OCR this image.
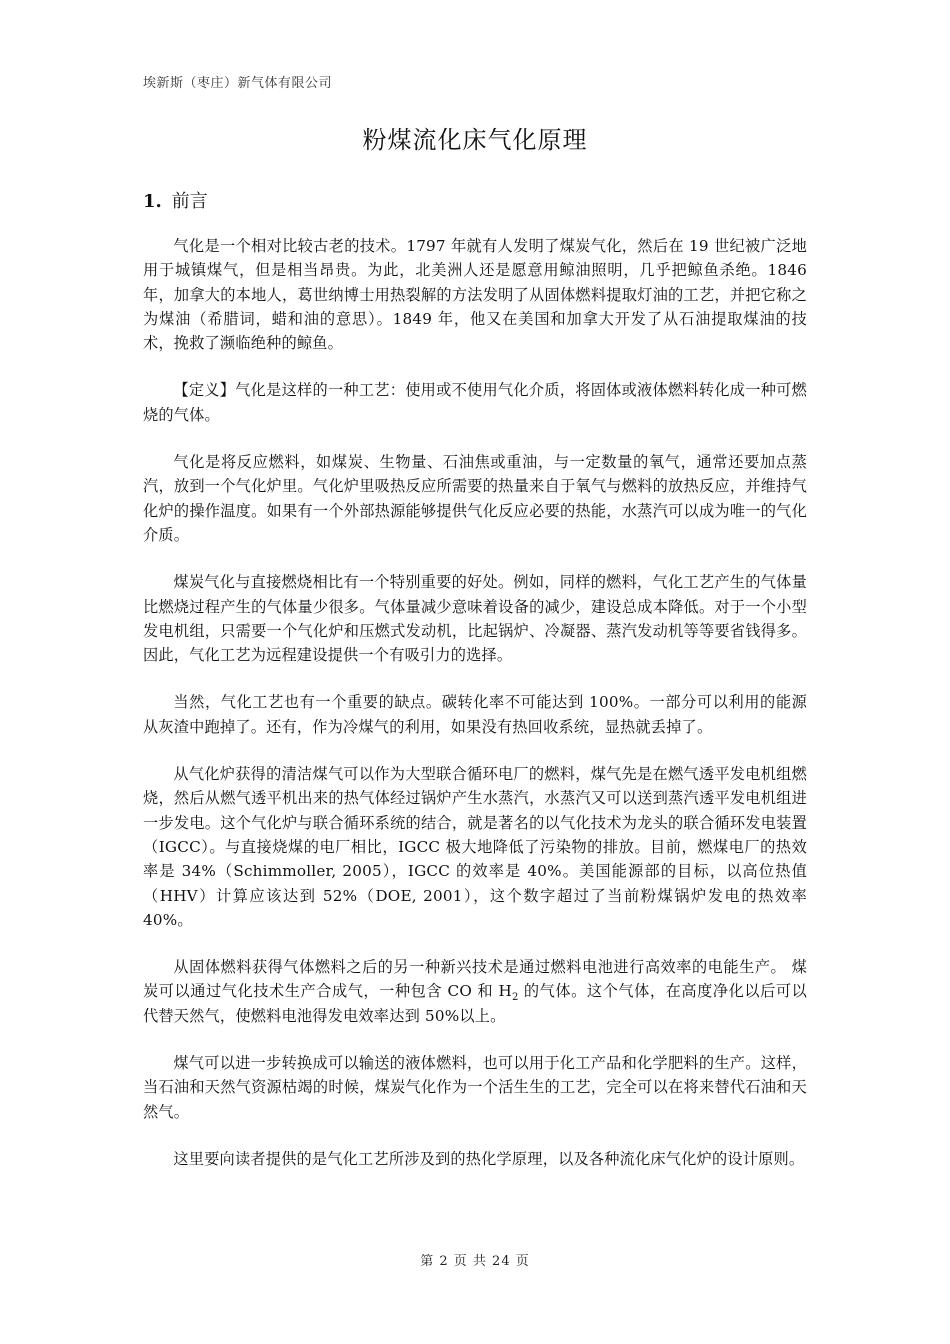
埃新斯（枣庄）新气体有限公司
粉煤流化床气化原理
1. 前言

气化是一个相对比较古老的技术。1797 年就有人发明了煤炭气化，然后在 19 世纪被广泛地用于城镇煤气，但是相当昂贵。为此，北美洲人还是愿意用鲸油照明，几乎把鲸鱼杀绝。1846 年，加拿大的本地人，葛世纳博士用热裂解的方法发明了从固体燃料提取灯油的工艺，并把它称之为煤油（希腊词，蜡和油的意思）。1849 年，他又在美国和加拿大开发了从石油提取煤油的技术，挽救了濒临绝种的鲸鱼。

【定义】气化是这样的一种工艺：使用或不使用气化介质，将固体或液体燃料转化成一种可燃烧的气体。

气化是将反应燃料，如煤炭、生物量、石油焦或重油，与一定数量的氧气，通常还要加点蒸汽，放到一个气化炉里。气化炉里吸热反应所需要的热量来自于氧气与燃料的放热反应，并维持气化炉的操作温度。如果有一个外部热源能够提供气化反应必要的热能，水蒸汽可以成为唯一的气化介质。

煤炭气化与直接燃烧相比有一个特别重要的好处。例如，同样的燃料，气化工艺产生的气体量比燃烧过程产生的气体量少很多。气体量减少意味着设备的减少，建设总成本降低。对于一个小型发电机组，只需要一个气化炉和压燃式发动机，比起锅炉、冷凝器、蒸汽发动机等等要省钱得多。因此，气化工艺为远程建设提供一个有吸引力的选择。

当然，气化工艺也有一个重要的缺点。碳转化率不可能达到 100%。一部分可以利用的能源从灰渣中跑掉了。还有，作为冷煤气的利用，如果没有热回收系统，显热就丢掉了。

从气化炉获得的清洁煤气可以作为大型联合循环电厂的燃料，煤气先是在燃气透平发电机组燃烧，然后从燃气透平机出来的热气体经过锅炉产生水蒸汽，水蒸汽又可以送到蒸汽透平发电机组进一步发电。这个气化炉与联合循环系统的结合，就是著名的以气化技术为龙头的联合循环发电装置（IGCC）。与直接烧煤的电厂相比，IGCC 极大地降低了污染物的排放。目前，燃煤电厂的热效率是 34%（Schimmoller, 2005），IGCC 的效率是 40%。美国能源部的目标，以高位热值（HHV）计算应该达到 52%（DOE, 2001），这个数字超过了当前粉煤锅炉发电的热效率 40%。

从固体燃料获得气体燃料之后的另一种新兴技术是通过燃料电池进行高效率的电能生产。 煤炭可以通过气化技术生产合成气，一种包含 CO 和 $H_2$ 的气体。这个气体，在高度净化以后可以代替天然气，使燃料电池得发电效率达到 50%以上。

煤气可以进一步转换成可以输送的液体燃料，也可以用于化工产品和化学肥料的生产。这样，当石油和天然气资源枯竭的时候，煤炭气化作为一个活生生的工艺，完全可以在将来替代石油和天然气。

这里要向读者提供的是气化工艺所涉及到的热化学原理，以及各种流化床气化炉的设计原则。

第 2 页 共 24 页
